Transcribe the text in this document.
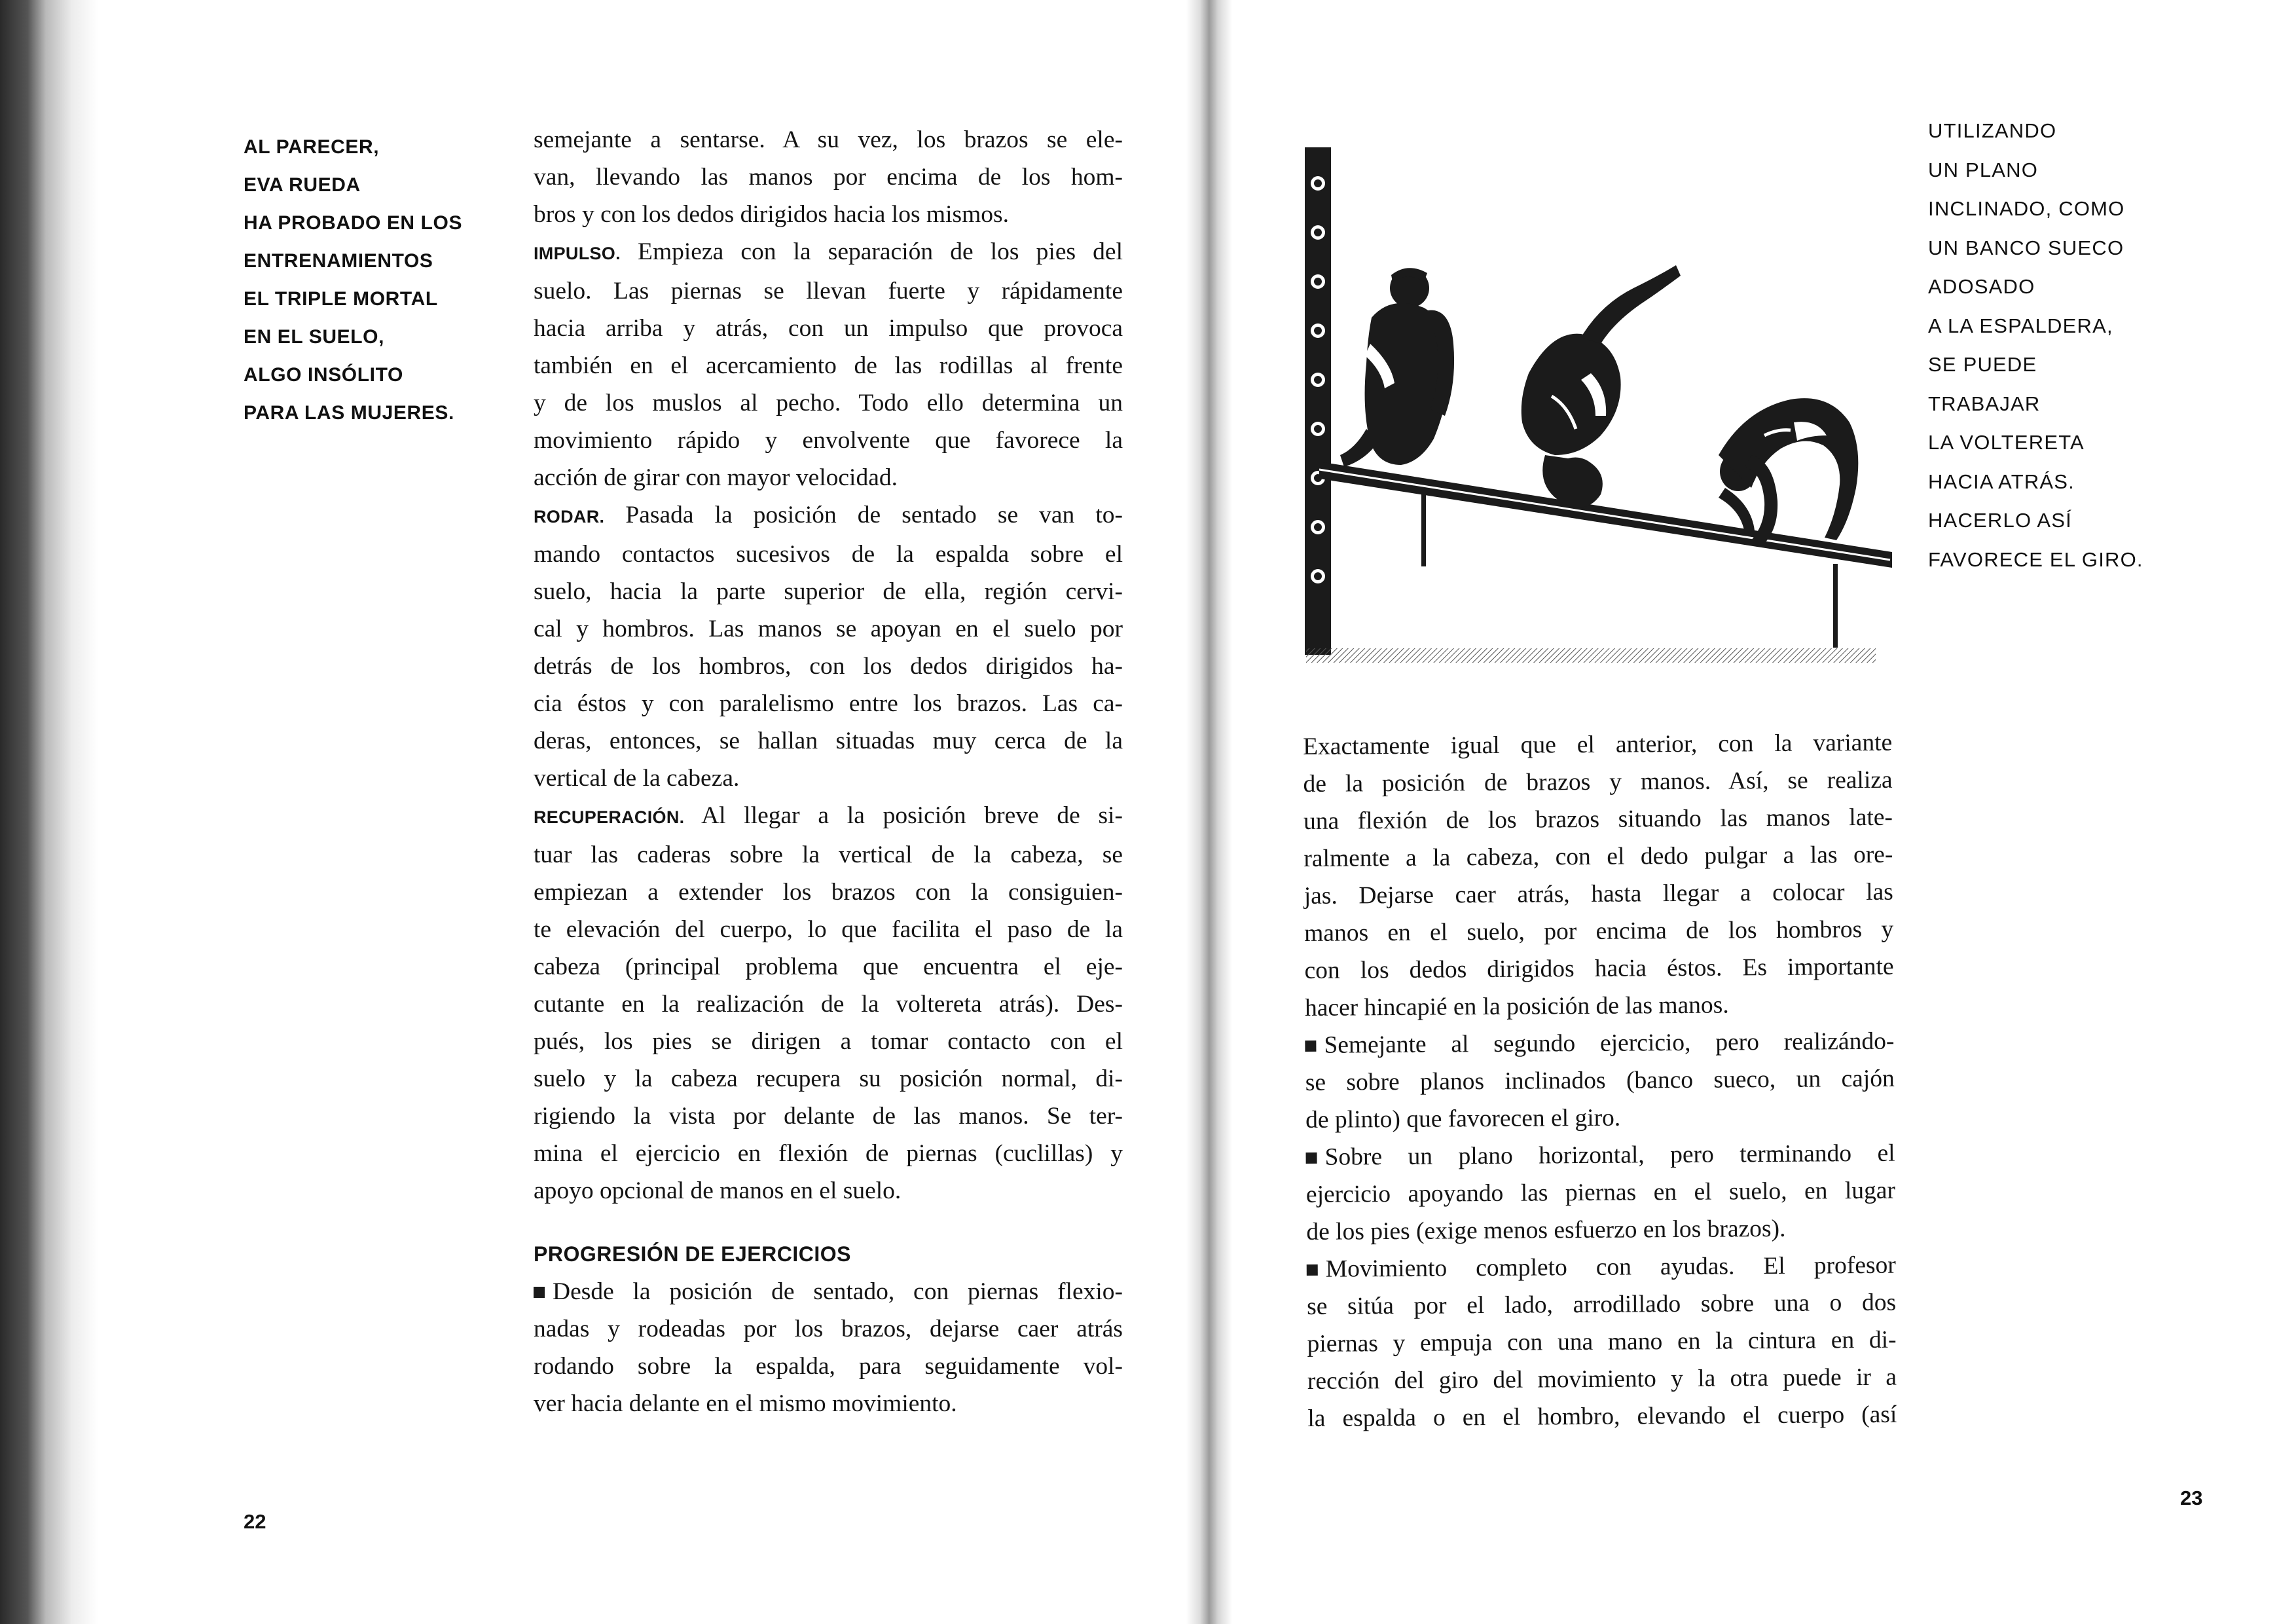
AL PARECER,
EVA RUEDA
HA PROBADO EN LOS
ENTRENAMIENTOS
EL TRIPLE MORTAL
EN EL SUELO,
ALGO INSÓLITO
PARA LAS MUJERES.
semejante a sentarse. A su vez, los brazos se ele-
van, llevando las manos por encima de los hom-
bros y con los dedos dirigidos hacia los mismos.
IMPULSO. Empieza con la separación de los pies del
suelo. Las piernas se llevan fuerte y rápidamente
hacia arriba y atrás, con un impulso que provoca
también en el acercamiento de las rodillas al frente
y de los muslos al pecho. Todo ello determina un
movimiento rápido y envolvente que favorece la
acción de girar con mayor velocidad.
RODAR. Pasada la posición de sentado se van to-
mando contactos sucesivos de la espalda sobre el
suelo, hacia la parte superior de ella, región cervi-
cal y hombros. Las manos se apoyan en el suelo por
detrás de los hombros, con los dedos dirigidos ha-
cia éstos y con paralelismo entre los brazos. Las ca-
deras, entonces, se hallan situadas muy cerca de la
vertical de la cabeza.
RECUPERACIÓN. Al llegar a la posición breve de si-
tuar las caderas sobre la vertical de la cabeza, se
empiezan a extender los brazos con la consiguien-
te elevación del cuerpo, lo que facilita el paso de la
cabeza (principal problema que encuentra el eje-
cutante en la realización de la voltereta atrás). Des-
pués, los pies se dirigen a tomar contacto con el
suelo y la cabeza recupera su posición normal, di-
rigiendo la vista por delante de las manos. Se ter-
mina el ejercicio en flexión de piernas (cuclillas) y
apoyo opcional de manos en el suelo.
PROGRESIÓN DE EJERCICIOS
Desde la posición de sentado, con piernas flexio-
nadas y rodeadas por los brazos, dejarse caer atrás
rodando sobre la espalda, para seguidamente vol-
ver hacia delante en el mismo movimiento.
22
UTILIZANDO
UN PLANO
INCLINADO, COMO
UN BANCO SUECO
ADOSADO
A LA ESPALDERA,
SE PUEDE
TRABAJAR
LA VOLTERETA
HACIA ATRÁS.
HACERLO ASÍ
FAVORECE EL GIRO.
Exactamente igual que el anterior, con la variante
de la posición de brazos y manos. Así, se realiza
una flexión de los brazos situando las manos late-
ralmente a la cabeza, con el dedo pulgar a las ore-
jas. Dejarse caer atrás, hasta llegar a colocar las
manos en el suelo, por encima de los hombros y
con los dedos dirigidos hacia éstos. Es importante
hacer hincapié en la posición de las manos.
Semejante al segundo ejercicio, pero realizándo-
se sobre planos inclinados (banco sueco, un cajón
de plinto) que favorecen el giro.
Sobre un plano horizontal, pero terminando el
ejercicio apoyando las piernas en el suelo, en lugar
de los pies (exige menos esfuerzo en los brazos).
Movimiento completo con ayudas. El profesor
se sitúa por el lado, arrodillado sobre una o dos
piernas y empuja con una mano en la cintura en di-
rección del giro del movimiento y la otra puede ir a
la espalda o en el hombro, elevando el cuerpo (así
23
